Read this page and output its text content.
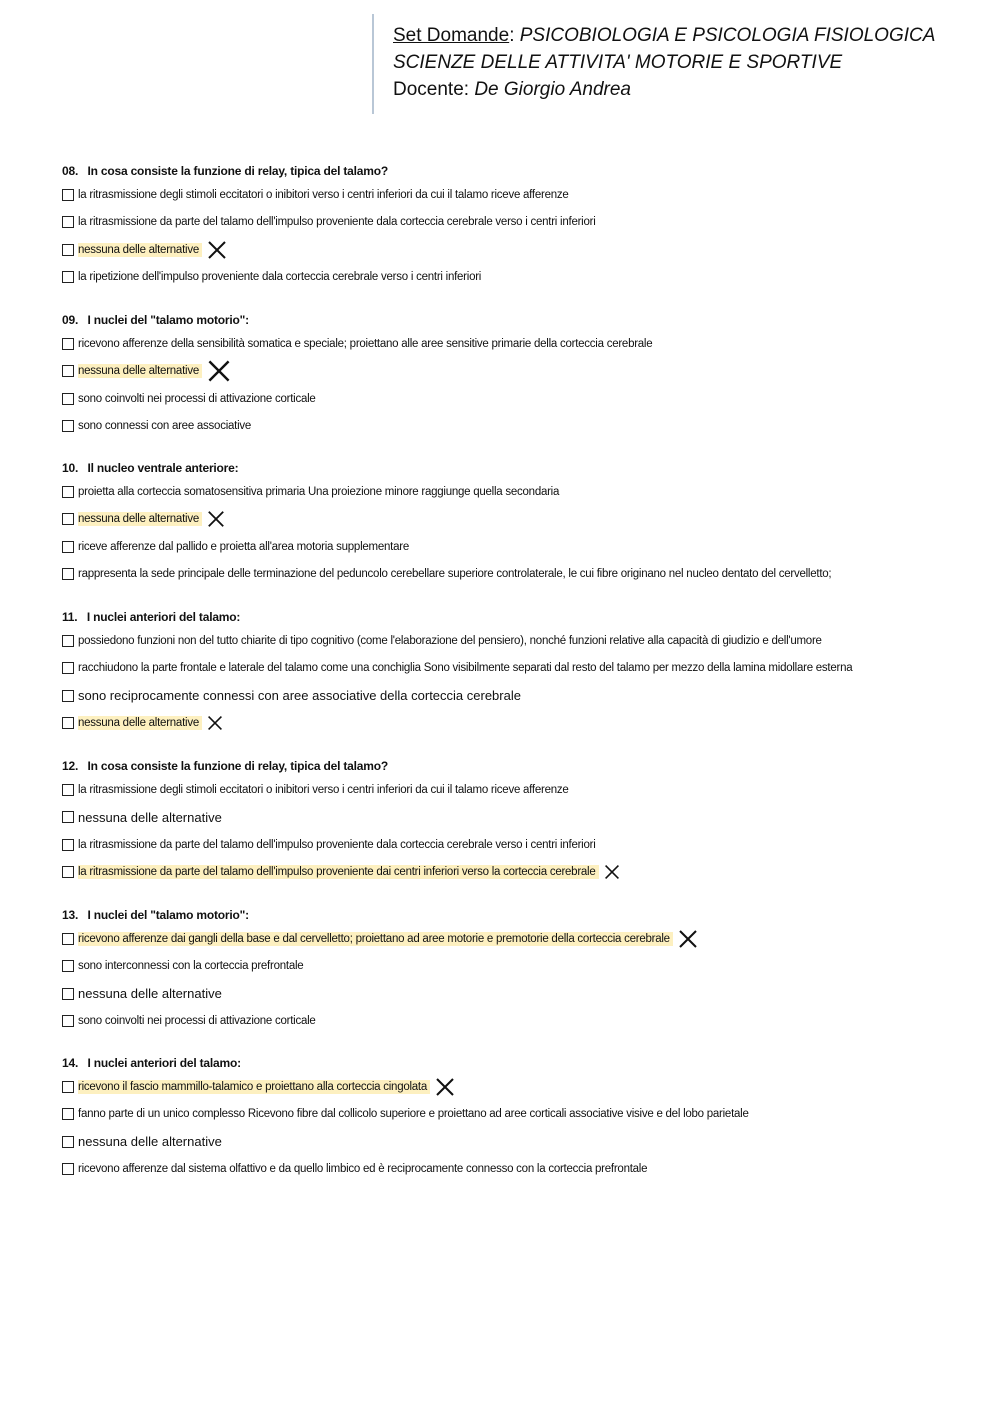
Set Domande: PSICOBIOLOGIA E PSICOLOGIA FISIOLOGICA
SCIENZE DELLE ATTIVITA' MOTORIE E SPORTIVE
Docente: De Giorgio Andrea
08. In cosa consiste la funzione di relay, tipica del talamo?
la ritrasmissione degli stimoli eccitatori o inibitori verso i centri inferiori da cui il talamo riceve afferenze
la ritrasmissione da parte del talamo dell'impulso proveniente dala corteccia cerebrale verso i centri inferiori
nessuna delle alternative
la ripetizione dell'impulso proveniente dala corteccia cerebrale verso i centri inferiori
09. I nuclei del "talamo motorio":
ricevono afferenze della sensibilità somatica e speciale; proiettano alle aree sensitive primarie della corteccia cerebrale
nessuna delle alternative
sono coinvolti nei processi di attivazione corticale
sono connessi con aree associative
10. Il nucleo ventrale anteriore:
proietta alla corteccia somatosensitiva primaria Una proiezione minore raggiunge quella secondaria
nessuna delle alternative
riceve afferenze dal pallido e proietta all'area motoria supplementare
rappresenta la sede principale delle terminazione del peduncolo cerebellare superiore controlaterale, le cui fibre originano nel nucleo dentato del cervelletto;
11. I nuclei anteriori del talamo:
possiedono funzioni non del tutto chiarite di tipo cognitivo (come l'elaborazione del pensiero), nonché funzioni relative alla capacità di giudizio e dell'umore
racchiudono la parte frontale e laterale del talamo come una conchiglia Sono visibilmente separati dal resto del talamo per mezzo della lamina midollare esterna
sono reciprocamente connessi con aree associative della corteccia cerebrale
nessuna delle alternative
12. In cosa consiste la funzione di relay, tipica del talamo?
la ritrasmissione degli stimoli eccitatori o inibitori verso i centri inferiori da cui il talamo riceve afferenze
nessuna delle alternative
la ritrasmissione da parte del talamo dell'impulso proveniente dala corteccia cerebrale verso i centri inferiori
la ritrasmissione da parte del talamo dell'impulso proveniente dai centri inferiori verso la corteccia cerebrale
13. I nuclei del "talamo motorio":
ricevono afferenze dai gangli della base e dal cervelletto; proiettano ad aree motorie e premotorie della corteccia cerebrale
sono interconnessi con la corteccia prefrontale
nessuna delle alternative
sono coinvolti nei processi di attivazione corticale
14. I nuclei anteriori del talamo:
ricevono il fascio mammillo-talamico e proiettano alla corteccia cingolata
fanno parte di un unico complesso Ricevono fibre dal collicolo superiore e proiettano ad aree corticali associative visive e del lobo parietale
nessuna delle alternative
ricevono afferenze dal sistema olfattivo e da quello limbico ed è reciprocamente connesso con la corteccia prefrontale
